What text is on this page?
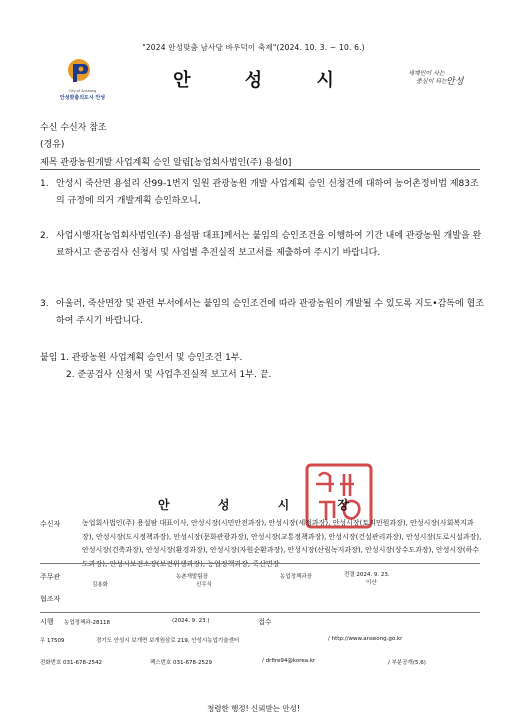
"2024 안성맞춤 남사당 바우덕이 축제"(2024. 10. 3. ~ 10. 6.)
City of Anseong
안성맞춤의도시 안성
안 성 시	세계인이 사는
중심이 되는 안성
수신 수신자 참조
(경유)
제목 관광농원개발 사업계획 승인 알림[농업회사법인(주) 용설0]
1. 안성시 죽산면 용설리 산99-1번지 일원 관광농원 개발 사업계획 승인 신청건에 대하여 농어촌정비법 제83조의 규정에 의거 개발계획 승인하오니,
2. 사업시행자[농업회사법인(주) 용설팜 대표]께서는 붙임의 승인조건을 이행하여 기간 내에 관광농원 개발을 완료하시고 준공검사 신청서 및 사업별 추진실적 보고서를 제출하여 주시기 바랍니다.
3. 아울러, 죽산면장 및 관련 부서에서는 붙임의 승인조건에 따라 관광농원이 개발될 수 있도록 지도•감독에 협조하여 주시기 바랍니다.
붙임 1. 관광농원 사업계획 승인서 및 승인조건 1부.
2. 준공검사 신청서 및 사업추진실적 보고서 1부. 끝.
안 성 시 장
수신자	농업회사법인(주) 용설팜 대표이사, 안성시장(시민안전과장), 안성시장(세정과장), 안성시장(토지민원과장), 안성시장(사회복지과장), 안성시장(도시정책과장), 안성시장(문화관광과장), 안성시장(교통정책과장), 안성시장(건설관리과장), 안성시장(도로시설과장), 안성시장(건축과장), 안성시장(환경과장), 안성시장(자원순환과장), 안성시장(산림녹지과장), 안성시장(상수도과장), 안성시장(하수도과장), 안성시보건소장(보건위생과장), 농업정책과장, 죽산면장
주무관
김용화
농촌개발팀장
신우식
농업정책과장	전결 2024. 9. 23.
이산
협조자
시행 농업정책과-28118	(2024. 9. 23.)	접수
우 17509	경기도 안성시 보개면 보개원삼로 219, 안성시농업기술센터	/ http://www.anseong.go.kr
전화번호 031-678-2542	팩스번호 031-678-2529	/ drfire94@korea.kr	/ 부분공개(5,6)
청렴한 행정! 신뢰받는 안성!
